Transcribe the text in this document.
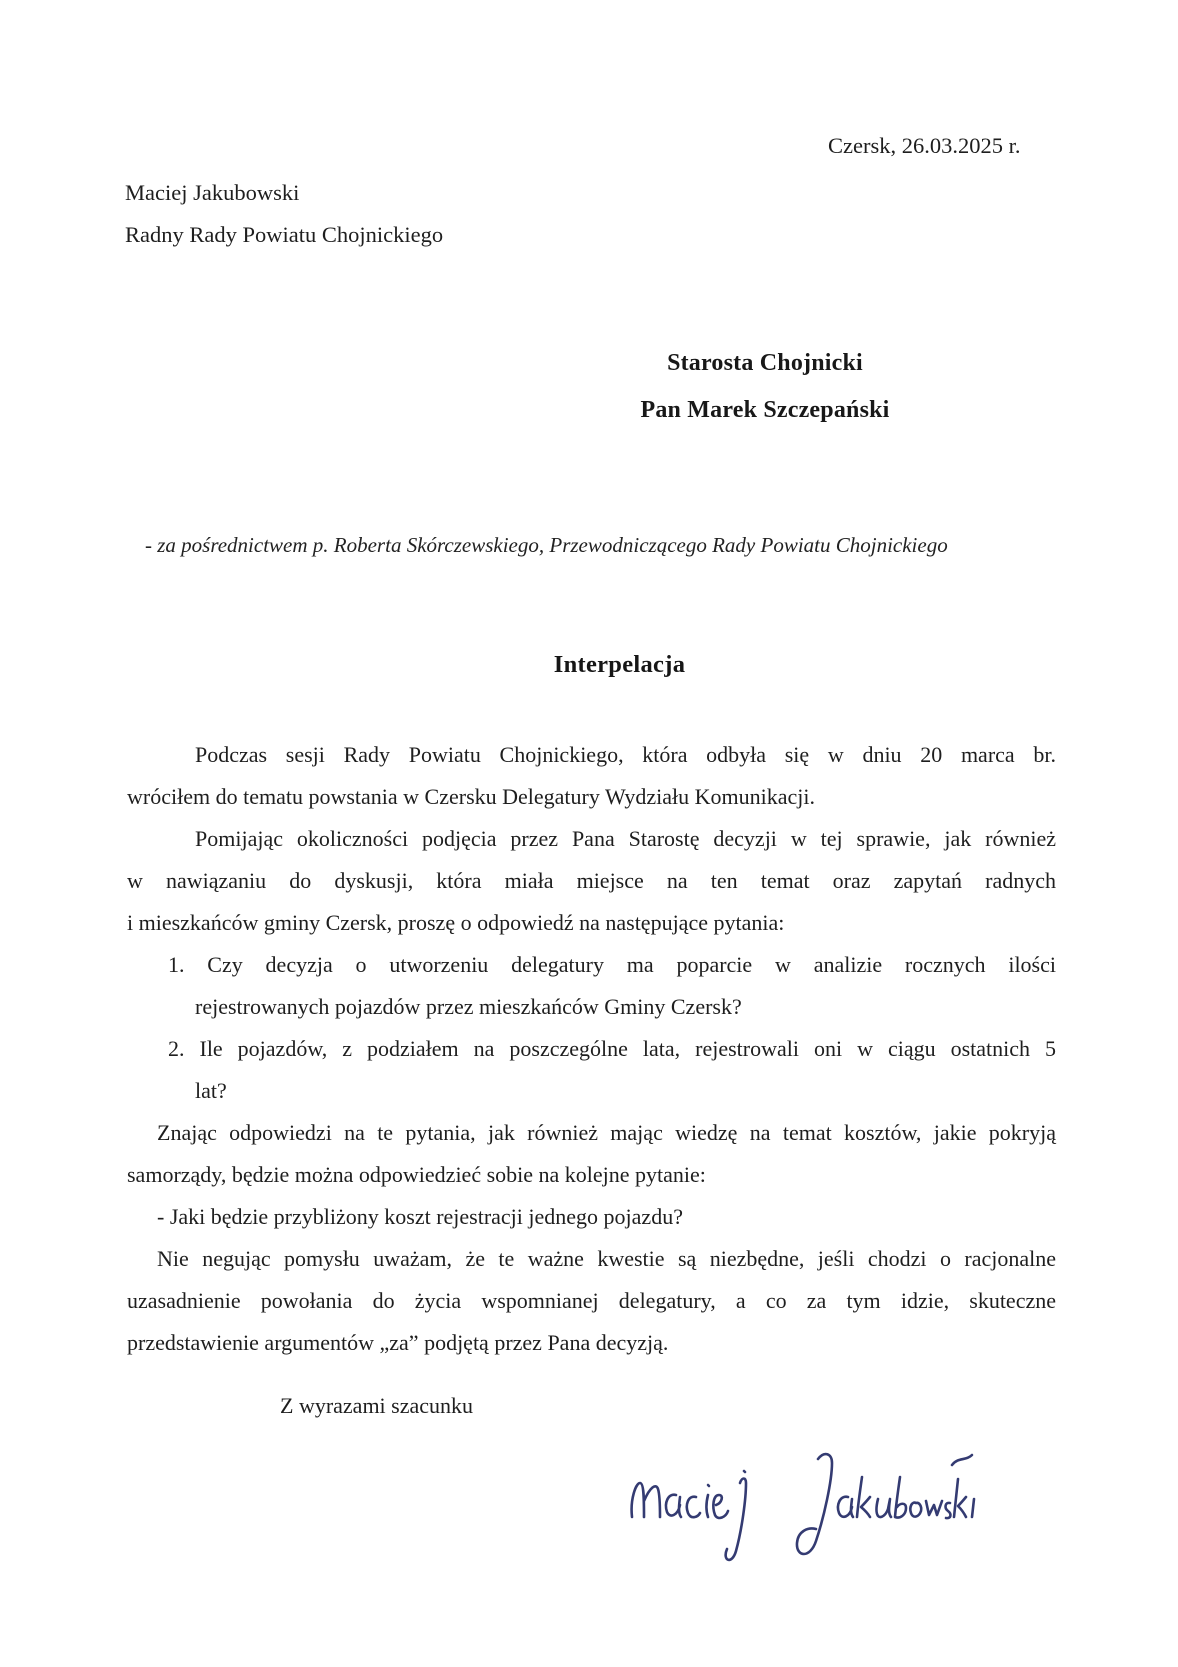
Czersk, 26.03.2025 r.
Maciej Jakubowski
Radny Rady Powiatu Chojnickiego
Starosta Chojnicki
Pan Marek Szczepański
- za pośrednictwem p. Roberta Skórczewskiego, Przewodniczącego Rady Powiatu Chojnickiego
Interpelacja
Podczas sesji Rady Powiatu Chojnickiego, która odbyła się w dniu 20 marca br.
wróciłem do tematu powstania w Czersku Delegatury Wydziału Komunikacji.
Pomijając okoliczności podjęcia przez Pana Starostę decyzji w tej sprawie, jak również
w nawiązaniu do dyskusji, która miała miejsce na ten temat oraz zapytań radnych
i mieszkańców gminy Czersk, proszę o odpowiedź na następujące pytania:
1. Czy decyzja o utworzeniu delegatury ma poparcie w analizie rocznych ilości
rejestrowanych pojazdów przez mieszkańców Gminy Czersk?
2. Ile pojazdów, z podziałem na poszczególne lata, rejestrowali oni w ciągu ostatnich 5
lat?
Znając odpowiedzi na te pytania, jak również mając wiedzę na temat kosztów, jakie pokryją
samorządy, będzie można odpowiedzieć sobie na kolejne pytanie:
- Jaki będzie przybliżony koszt rejestracji jednego pojazdu?
Nie negując pomysłu uważam, że te ważne kwestie są niezbędne, jeśli chodzi o racjonalne
uzasadnienie powołania do życia wspomnianej delegatury, a co za tym idzie, skuteczne
przedstawienie argumentów „za” podjętą przez Pana decyzją.
Z wyrazami szacunku
